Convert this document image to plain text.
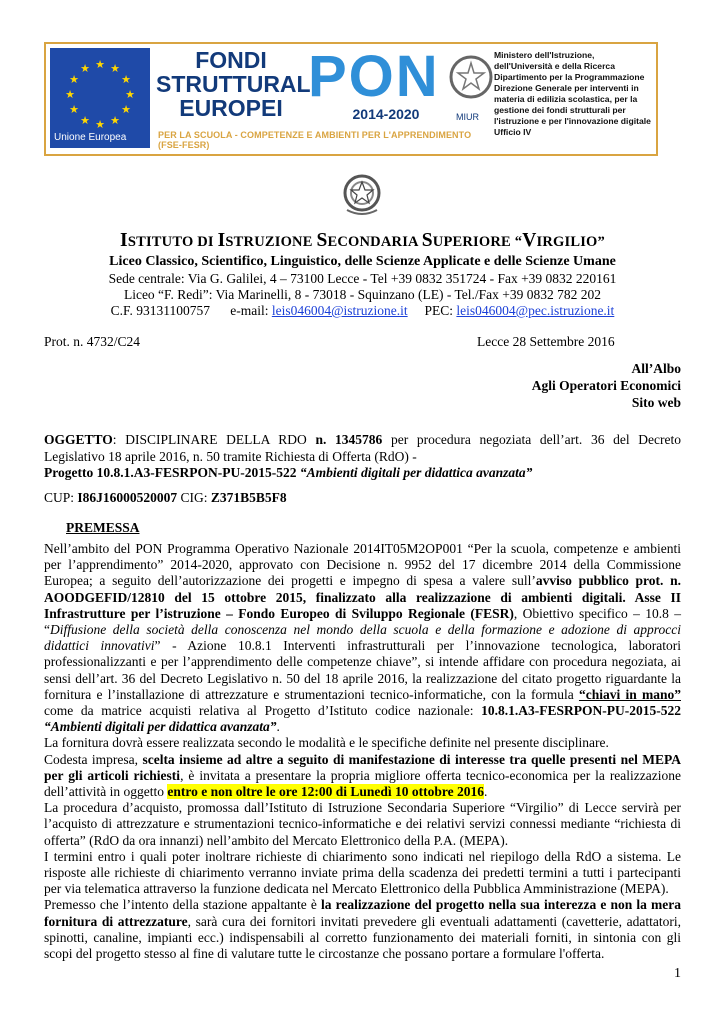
★ ★
★
★
★
★
★
★
★
★
★
★
Unione Europea
FONDI
STRUTTURALI
EUROPEI PON
2014-2020	MIUR
Ministero dell'Istruzione, dell'Università e della Ricerca Dipartimento per la Programmazione Direzione Generale per interventi in materia di edilizia scolastica, per la gestione dei fondi strutturali per l'istruzione e per l'innovazione digitale Ufficio IV
PER LA SCUOLA - COMPETENZE E AMBIENTI PER L'APPRENDIMENTO (FSE-FESR)
ISTITUTO DI ISTRUZIONE SECONDARIA SUPERIORE “VIRGILIO”
Liceo Classico, Scientifico, Linguistico, delle Scienze Applicate e delle Scienze Umane
Sede centrale: Via G. Galilei, 4 – 73100 Lecce - Tel +39 0832 351724 - Fax +39 0832 220161
Liceo “F. Redi”: Via Marinelli, 8 - 73018 - Squinzano (LE) - Tel./Fax +39 0832 782 202
C.F. 93131100757 e-mail: leis046004@istruzione.it PEC: leis046004@pec.istruzione.it
Prot. n. 4732/C24	Lecce 28 Settembre 2016
All’Albo
Agli Operatori Economici
Sito web
OGGETTO: DISCIPLINARE DELLA RDO n. 1345786 per procedura negoziata dell’art. 36 del Decreto Legislativo 18 aprile 2016, n. 50 tramite Richiesta di Offerta (RdO) -
Progetto 10.8.1.A3-FESRPON-PU-2015-522 “Ambienti digitali per didattica avanzata”
CUP: I86J16000520007 CIG: Z371B5B5F8
PREMESSA

Nell’ambito del PON Programma Operativo Nazionale 2014IT05M2OP001 “Per la scuola, competenze e ambienti per l’apprendimento” 2014-2020, approvato con Decisione n. 9952 del 17 dicembre 2014 della Commissione Europea; a seguito dell’autorizzazione dei progetti e impegno di spesa a valere sull’avviso pubblico prot. n. AOODGEFID/12810 del 15 ottobre 2015, finalizzato alla realizzazione di ambienti digitali. Asse II Infrastrutture per l’istruzione – Fondo Europeo di Sviluppo Regionale (FESR), Obiettivo specifico – 10.8 – “Diffusione della società della conoscenza nel mondo della scuola e della formazione e adozione di approcci didattici innovativi” - Azione 10.8.1 Interventi infrastrutturali per l’innovazione tecnologica, laboratori professionalizzanti e per l’apprendimento delle competenze chiave”, si intende affidare con procedura negoziata, ai sensi dell’art. 36 del Decreto Legislativo n. 50 del 18 aprile 2016, la realizzazione del citato progetto riguardante la fornitura e l’installazione di attrezzature e strumentazioni tecnico-informatiche, con la formula “chiavi in mano” come da matrice acquisti relativa al Progetto d’Istituto codice nazionale: 10.8.1.A3-FESRPON-PU-2015-522 “Ambienti digitali per didattica avanzata”.

La fornitura dovrà essere realizzata secondo le modalità e le specifiche definite nel presente disciplinare.

Codesta impresa, scelta insieme ad altre a seguito di manifestazione di interesse tra quelle presenti nel MEPA per gli articoli richiesti, è invitata a presentare la propria migliore offerta tecnico-economica per la realizzazione dell’attività in oggetto entro e non oltre le ore 12:00 di Lunedì 10 ottobre 2016.

La procedura d’acquisto, promossa dall’Istituto di Istruzione Secondaria Superiore “Virgilio” di Lecce servirà per l’acquisto di attrezzature e strumentazioni tecnico-informatiche e dei relativi servizi connessi mediante “richiesta di offerta” (RdO da ora innanzi) nell’ambito del Mercato Elettronico della P.A. (MEPA).

I termini entro i quali poter inoltrare richieste di chiarimento sono indicati nel riepilogo della RdO a sistema. Le risposte alle richieste di chiarimento verranno inviate prima della scadenza dei predetti termini a tutti i partecipanti per via telematica attraverso la funzione dedicata nel Mercato Elettronico della Pubblica Amministrazione (MEPA).

Premesso che l’intento della stazione appaltante è la realizzazione del progetto nella sua interezza e non la mera fornitura di attrezzature, sarà cura dei fornitori invitati prevedere gli eventuali adattamenti (cavetterie, adattatori, spinotti, canaline, impianti ecc.) indispensabili al corretto funzionamento dei materiali forniti, in sintonia con gli scopi del progetto stesso al fine di valutare tutte le circostanze che possano portare a formulare l'offerta.

1
